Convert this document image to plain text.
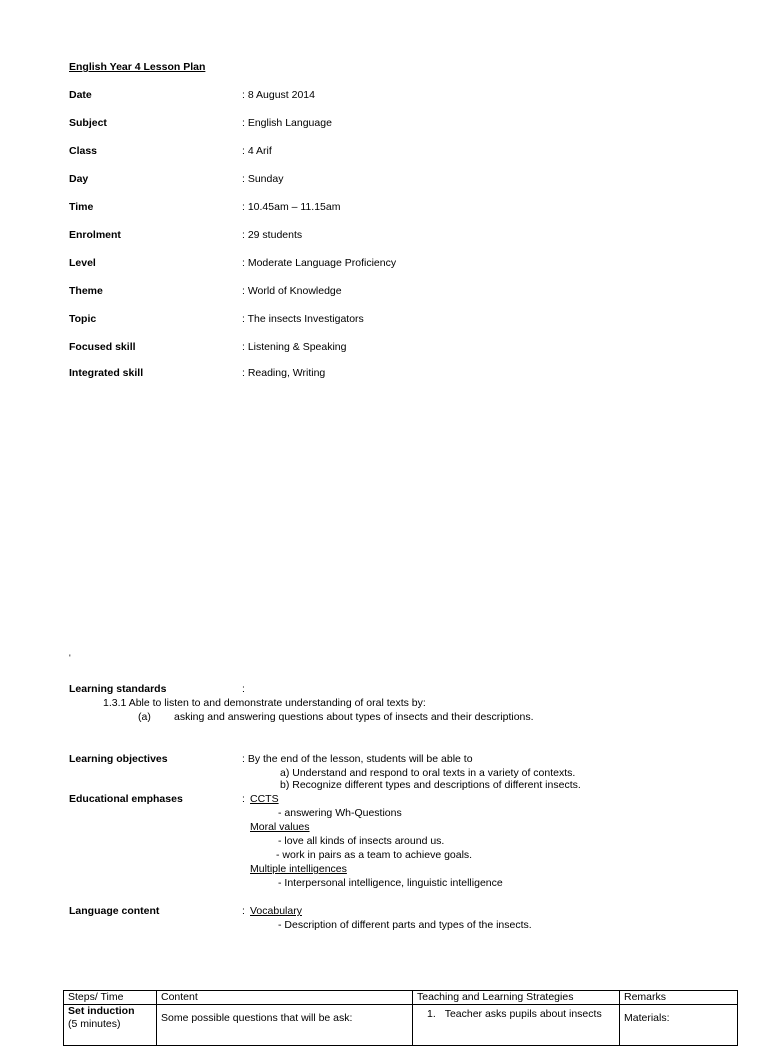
English Year 4 Lesson Plan
Date	: 8 August 2014
Subject	: English Language
Class	: 4 Arif
Day	: Sunday
Time	: 10.45am – 11.15am
Enrolment	: 29 students
Level	: Moderate Language Proficiency
Theme	: World of Knowledge
Topic	: The insects Investigators
Focused skill	: Listening & Speaking
Integrated skill	: Reading, Writing
'
Learning standards	:
1.3.1 Able to listen to and demonstrate understanding of oral texts by:
(a) asking and answering questions about types of insects and their descriptions.
Learning objectives	: By the end of the lesson, students will be able to
a) Understand and respond to oral texts in a variety of contexts.
b) Recognize different types and descriptions of different insects.
Educational emphases	: CCTS
- answering Wh-Questions
Moral values
- love all kinds of insects around us.
- work in pairs as a team to achieve goals.
Multiple intelligences
- Interpersonal intelligence, linguistic intelligence
Language content	: Vocabulary
- Description of different parts and types of the insects.
Steps/ Time	Content	Teaching and Learning Strategies	Remarks

Set induction
(5 minutes)	Some possible questions that will be ask:	1. Teacher asks pupils about insects	Materials:
